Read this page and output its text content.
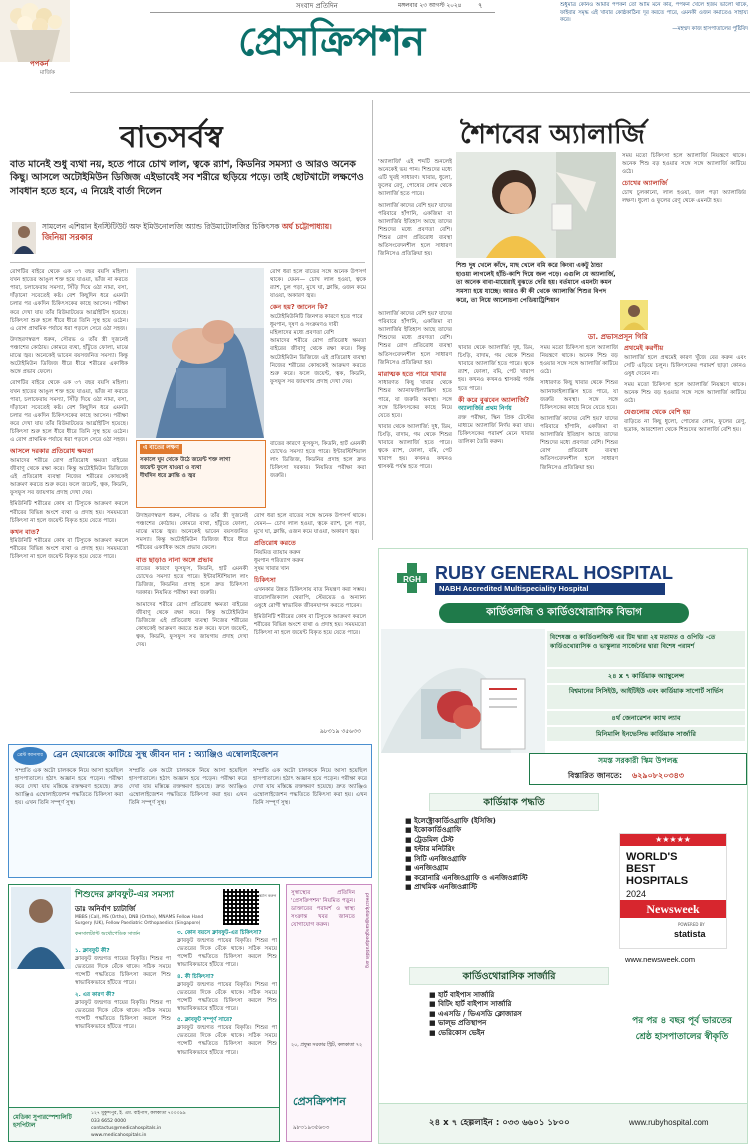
পপকর্ন
মার্জিক
সংবাদ প্রতিদিন	মঙ্গলবার ২৩ আগস্ট ২০২৪ ৭
প্রেসক্রিপশন
শুধুমাত্র কোনও আমার পপকর্ন তো আমি মনে করি, পপকর্ন খেলে হজম ভালো থাকে, ফাইবার সমৃদ্ধ এই খাবার কোষ্ঠকাঠিন্য দূর করতে পারে, এমনকী ওজন কমাতেও সাহায্য করে।
—মহম্মদ কাজ হাসপাতালের পুষ্টিবিদ
বাতসর্বস্ব
বাত মানেই শুধু ব্যথা নয়, হতে পারে চোখ লাল, ত্বকে র‍্যাশ, কিডনির সমস্যা ও আরও অনেক কিছু। আসলে অটোইমিউন ডিজিজ এইভাবেই সব শরীরে ছড়িয়ে পড়ে। তাই ছোটখাটো লক্ষণেও সাবধান হতে হবে, এ নিয়েই বার্তা দিলেন
সামলেন এশিয়ান ইনস্টিটিউট অফ ইমিউনোলজি অ্যান্ড রিউমাটোলজির চিকিৎসক অর্ঘ চট্টোপাধ্যায়।
জিনিয়া সরকার

রোগটির বাইরে থেকে এক ৩৭ বছর বয়সি মহিলা। যখন হাতের আঙুল শক্ত হয়ে যাওয়া, ভাঁজ না করতে পারা, চলাফেরায় সমস্যা, সিঁড়ি দিয়ে ওঠা নামা, বসা, দাঁড়ানো সবেতেই কষ্ট। বেশ কিছুদিন ধরে এমনটা চলার পর একদিন চিকিৎসকের কাছে আসেন। পরীক্ষা করে দেখা যায় তাঁর রিউমাটয়েড আর্থ্রাইটিস হয়েছে। চিকিৎসা শুরু হলে ধীরে ধীরে তিনি সুস্থ হয়ে ওঠেন। এ রোগ প্রাথমিক পর্যায়ে ধরা পড়লে সেরে ওঠা সহজ।

উদাহরণস্বরূপ ধরুন, সৌরভ ও তাঁর স্ত্রী দুজনেই পঞ্চাশের কোঠায়। কোমরে ব্যথা, হাঁটুতে ফোলা, মাঝে মাঝে জ্বর। অনেকেই ভাবেন বয়সজনিত সমস্যা। কিন্তু অটোইমিউন ডিজিজ ধীরে ধীরে শরীরের একাধিক অঙ্গে প্রভাব ফেলে।

রোগটির বাইরে থেকে এক ৩৭ বছর বয়সি মহিলা। যখন হাতের আঙুল শক্ত হয়ে যাওয়া, ভাঁজ না করতে পারা, চলাফেরায় সমস্যা, সিঁড়ি দিয়ে ওঠা নামা, বসা, দাঁড়ানো সবেতেই কষ্ট। বেশ কিছুদিন ধরে এমনটা চলার পর একদিন চিকিৎসকের কাছে আসেন। পরীক্ষা করে দেখা যায় তাঁর রিউমাটয়েড আর্থ্রাইটিস হয়েছে। চিকিৎসা শুরু হলে ধীরে ধীরে তিনি সুস্থ হয়ে ওঠেন। এ রোগ প্রাথমিক পর্যায়ে ধরা পড়লে সেরে ওঠা সহজ।

আসলে দরকার প্রতিরোধ ক্ষমতা

আমাদের শরীরে রোগ প্রতিরোধ ক্ষমতা বাইরের জীবাণু থেকে রক্ষা করে। কিন্তু অটোইমিউন ডিজিজে এই প্রতিরোধ ব্যবস্থা নিজের শরীরের কোষকেই আক্রমণ করতে শুরু করে। ফলে জয়েন্ট, ত্বক, কিডনি, ফুসফুস সব জায়গায় প্রদাহ দেখা দেয়।

ইমিউনিটি শরীরের কোষ বা টিস্যুকে আক্রমণ করলে শরীরের বিভিন্ন অংশে ব্যথা ও প্রদাহ হয়। সময়মতো চিকিৎসা না হলে জয়েন্ট বিকৃত হয়ে যেতে পারে।

কখন বাত?

ইমিউনিটি শরীরের কোষ বা টিস্যুকে আক্রমণ করলে শরীরের বিভিন্ন অংশে ব্যথা ও প্রদাহ হয়। সময়মতো চিকিৎসা না হলে জয়েন্ট বিকৃত হয়ে যেতে পারে।

রোগ ধরা হলে বাতের সঙ্গে অনেক উপসর্গ থাকে। যেমন— চোখ লাল হওয়া, ত্বকে র‍্যাশ, চুল পড়া, মুখে ঘা, ক্লান্তি, ওজন কমে যাওয়া, অকারণ জ্বর।

কেন হয়? জানেন কি?
অটোইমিউনিটি জিনগত কারণে হতে পারে
ধূমপান, দূষণ ও সংক্রমণও দায়ী
মহিলাদের মধ্যে প্রবণতা বেশি

আমাদের শরীরে রোগ প্রতিরোধ ক্ষমতা বাইরের জীবাণু থেকে রক্ষা করে। কিন্তু অটোইমিউন ডিজিজে এই প্রতিরোধ ব্যবস্থা নিজের শরীরের কোষকেই আক্রমণ করতে শুরু করে। ফলে জয়েন্ট, ত্বক, কিডনি, ফুসফুস সব জায়গায় প্রদাহ দেখা দেয়।

এ বাতের লক্ষণ
সকালে ঘুম থেকে উঠে জয়েন্ট শক্ত লাগা
জয়েন্ট ফুলে যাওয়া ও ব্যথা
দীর্ঘদিন ধরে ক্লান্তি ও জ্বর

বাতের কারণে ফুসফুস, কিডনি, হার্ট এমনকী চোখেও সমস্যা হতে পারে। ইন্টারস্টিশিয়াল লাং ডিজিজ, কিডনির প্রদাহ হলে দ্রুত চিকিৎসা দরকার। নিয়মিত পরীক্ষা করা জরুরি।

উদাহরণস্বরূপ ধরুন, সৌরভ ও তাঁর স্ত্রী দুজনেই পঞ্চাশের কোঠায়। কোমরে ব্যথা, হাঁটুতে ফোলা, মাঝে মাঝে জ্বর। অনেকেই ভাবেন বয়সজনিত সমস্যা। কিন্তু অটোইমিউন ডিজিজ ধীরে ধীরে শরীরের একাধিক অঙ্গে প্রভাব ফেলে।

বাত ছাড়াও নানা অঙ্গে প্রভাব

বাতের কারণে ফুসফুস, কিডনি, হার্ট এমনকী চোখেও সমস্যা হতে পারে। ইন্টারস্টিশিয়াল লাং ডিজিজ, কিডনির প্রদাহ হলে দ্রুত চিকিৎসা দরকার। নিয়মিত পরীক্ষা করা জরুরি।

আমাদের শরীরে রোগ প্রতিরোধ ক্ষমতা বাইরের জীবাণু থেকে রক্ষা করে। কিন্তু অটোইমিউন ডিজিজে এই প্রতিরোধ ব্যবস্থা নিজের শরীরের কোষকেই আক্রমণ করতে শুরু করে। ফলে জয়েন্ট, ত্বক, কিডনি, ফুসফুস সব জায়গায় প্রদাহ দেখা দেয়।

রোগ ধরা হলে বাতের সঙ্গে অনেক উপসর্গ থাকে। যেমন— চোখ লাল হওয়া, ত্বকে র‍্যাশ, চুল পড়া, মুখে ঘা, ক্লান্তি, ওজন কমে যাওয়া, অকারণ জ্বর।

প্রতিরোধ করতে
নিয়মিত ব্যায়াম করুন
ধূমপান পরিত্যাগ করুন
সুষম খাবার খান
চিকিৎসা

এখনকার উন্নত চিকিৎসায় বাত নিয়ন্ত্রণ করা সম্ভব। বায়োলজিক্যাল থেরাপি, স্টেরয়েড ও অন্যান্য ওষুধে রোগী স্বাভাবিক জীবনযাপন করতে পারেন।

ইমিউনিটি শরীরের কোষ বা টিস্যুকে আক্রমণ করলে শরীরের বিভিন্ন অংশে ব্যথা ও প্রদাহ হয়। সময়মতো চিকিৎসা না হলে জয়েন্ট বিকৃত হয়ে যেতে পারে।

৯৮৩১৯ ৩৫৬৩৩
শৈশবের অ্যালার্জি

'অ্যালার্জি' এই শব্দটি শুনলেই অনেকেই ভয় পান। শিশুদের মধ্যে এটি খুবই সাধারণ। খাবার, ধুলো, ফুলের রেণু, পোষ্যের লোম থেকে অ্যালার্জি হতে পারে।

অ্যালার্জি কাদের বেশি হয়? যাদের পরিবারে হাঁপানি, একজিমা বা অ্যালার্জির ইতিহাস আছে তাদের শিশুদের মধ্যে প্রবণতা বেশি। শিশুর রোগ প্রতিরোধ ব্যবস্থা অতিসংবেদনশীল হলে সাধারণ জিনিসেও প্রতিক্রিয়া হয়।

সময় মতো চিকিৎসা হলে অ্যালার্জি নিয়ন্ত্রণে থাকে। অনেক শিশু বড় হওয়ার সঙ্গে সঙ্গে অ্যালার্জি কাটিয়ে ওঠে।

চোখের অ্যালার্জি

চোখ চুলকানো, লাল হওয়া, জল পড়া অ্যালার্জির লক্ষণ। ধুলো ও ফুলের রেণু থেকে এমনটা হয়।

শিশু দুধ খেলে কাঁদে, মাছ খেলে বমি করে কিংবা একটু ঠান্ডা হাওয়া লাগলেই হাঁচি-কাশি দিয়ে জল পড়ে। এগুলি যে অ্যালার্জি, তা অনেক বাবা-মায়েরাই বুঝতে দেরি হয়। বর্তমানে এমনটা কমন সমস্যা হয়ে যাচ্ছে। আরও কী কী থেকে অ্যালার্জি শিশুর বিপদ করে, তা নিয়ে আলোচনা পেডিয়াট্রিশিয়ান
ডা. প্রভাসপ্রসূন গিরি

অ্যালার্জি কাদের বেশি হয়? যাদের পরিবারে হাঁপানি, একজিমা বা অ্যালার্জির ইতিহাস আছে তাদের শিশুদের মধ্যে প্রবণতা বেশি। শিশুর রোগ প্রতিরোধ ব্যবস্থা অতিসংবেদনশীল হলে সাধারণ জিনিসেও প্রতিক্রিয়া হয়।

মারাত্মক হতে পারে খাবার

সাধারণত কিছু খাবার থেকে শিশুর অ্যানাফাইল্যাক্সিস হতে পারে, যা জরুরি অবস্থা। সঙ্গে সঙ্গে চিকিৎসকের কাছে নিয়ে যেতে হবে।

খাবার থেকে অ্যালার্জি: দুধ, ডিম, চিংড়ি, বাদাম, গম থেকে শিশুর খাবারে অ্যালার্জি হতে পারে। ত্বকে র‍্যাশ, ফোলা, বমি, পেট খারাপ হয়। কখনও কখনও শ্বাসকষ্ট পর্যন্ত হতে পারে।

খাবার থেকে অ্যালার্জি: দুধ, ডিম, চিংড়ি, বাদাম, গম থেকে শিশুর খাবারে অ্যালার্জি হতে পারে। ত্বকে র‍্যাশ, ফোলা, বমি, পেট খারাপ হয়। কখনও কখনও শ্বাসকষ্ট পর্যন্ত হতে পারে।

কী করে বুঝবেন অ্যালার্জি?
অ্যালার্জির প্রথম নির্ণয়

রক্ত পরীক্ষা, স্কিন প্রিক টেস্টের মাধ্যমে অ্যালার্জি নির্ণয় করা যায়। চিকিৎসকের পরামর্শ মেনে খাবার তালিকা তৈরি করুন।

সময় মতো চিকিৎসা হলে অ্যালার্জি নিয়ন্ত্রণে থাকে। অনেক শিশু বড় হওয়ার সঙ্গে সঙ্গে অ্যালার্জি কাটিয়ে ওঠে।

সাধারণত কিছু খাবার থেকে শিশুর অ্যানাফাইল্যাক্সিস হতে পারে, যা জরুরি অবস্থা। সঙ্গে সঙ্গে চিকিৎসকের কাছে নিয়ে যেতে হবে।

অ্যালার্জি কাদের বেশি হয়? যাদের পরিবারে হাঁপানি, একজিমা বা অ্যালার্জির ইতিহাস আছে তাদের শিশুদের মধ্যে প্রবণতা বেশি। শিশুর রোগ প্রতিরোধ ব্যবস্থা অতিসংবেদনশীল হলে সাধারণ জিনিসেও প্রতিক্রিয়া হয়।

প্রথমেই করণীয়

অ্যালার্জি হলে প্রথমেই কারণ খুঁজে বের করুন এবং সেটি এড়িয়ে চলুন। চিকিৎসকের পরামর্শ ছাড়া কোনও ওষুধ দেবেন না।

সময় মতো চিকিৎসা হলে অ্যালার্জি নিয়ন্ত্রণে থাকে। অনেক শিশু বড় হওয়ার সঙ্গে সঙ্গে অ্যালার্জি কাটিয়ে ওঠে।

যেগুলোয় থেকে বেশি হয়

বাড়িতে না কিছু ধুলো, পোষ্যের লোম, ফুলের রেণু, ছত্রাক, আরশোলা থেকে শিশুদের অ্যালার্জি বেশি হয়।

ব্রেস্ট ক্যানসার	ব্রেন হেমারেজে কাটিয়ে সুস্থ জীবন দান : অ্যাঞ্জিও এম্বোলাইজেশন
সম্প্রতি এক অটো চালককে নিয়ে আসা হয়েছিল হাসপাতালে। হঠাৎ অজ্ঞান হয়ে পড়েন। পরীক্ষা করে দেখা যায় মস্তিষ্কে রক্তক্ষরণ হয়েছে। দ্রুত অ্যাঞ্জিও এম্বোলাইজেশন পদ্ধতিতে চিকিৎসা করা হয়। এখন তিনি সম্পূর্ণ সুস্থ।
সম্প্রতি এক অটো চালককে নিয়ে আসা হয়েছিল হাসপাতালে। হঠাৎ অজ্ঞান হয়ে পড়েন। পরীক্ষা করে দেখা যায় মস্তিষ্কে রক্তক্ষরণ হয়েছে। দ্রুত অ্যাঞ্জিও এম্বোলাইজেশন পদ্ধতিতে চিকিৎসা করা হয়। এখন তিনি সম্পূর্ণ সুস্থ।
সম্প্রতি এক অটো চালককে নিয়ে আসা হয়েছিল হাসপাতালে। হঠাৎ অজ্ঞান হয়ে পড়েন। পরীক্ষা করে দেখা যায় মস্তিষ্কে রক্তক্ষরণ হয়েছে। দ্রুত অ্যাঞ্জিও এম্বোলাইজেশন পদ্ধতিতে চিকিৎসা করা হয়। এখন তিনি সম্পূর্ণ সুস্থ।
শিশুদের ক্লাবফুট-এর সমস্যা
ডাঃ অনির্বাণ চ্যাটার্জি
MBBS (Cal), MS (Ortho), DNB (Ortho), MNAMS Fellow Hand Surgery (UK), Fellow Paediatric Orthopaedics (Singapore)
কনসালট্যান্ট অর্থোপেডিক সার্জন
স্ক্যান করুন
১. ক্লাবফুট কী?

ক্লাবফুট জন্মগত পায়ের বিকৃতি। শিশুর পা ভেতরের দিকে বেঁকে থাকে। সঠিক সময়ে পন্সেটি পদ্ধতিতে চিকিৎসা করলে শিশু স্বাভাবিকভাবে হাঁটতে পারে।

২. এর কারণ কী?

ক্লাবফুট জন্মগত পায়ের বিকৃতি। শিশুর পা ভেতরের দিকে বেঁকে থাকে। সঠিক সময়ে পন্সেটি পদ্ধতিতে চিকিৎসা করলে শিশু স্বাভাবিকভাবে হাঁটতে পারে।

৩. কোন বয়সে ক্লাবফুট-এর চিকিৎসা?

ক্লাবফুট জন্মগত পায়ের বিকৃতি। শিশুর পা ভেতরের দিকে বেঁকে থাকে। সঠিক সময়ে পন্সেটি পদ্ধতিতে চিকিৎসা করলে শিশু স্বাভাবিকভাবে হাঁটতে পারে।

৪. কী চিকিৎসা?

ক্লাবফুট জন্মগত পায়ের বিকৃতি। শিশুর পা ভেতরের দিকে বেঁকে থাকে। সঠিক সময়ে পন্সেটি পদ্ধতিতে চিকিৎসা করলে শিশু স্বাভাবিকভাবে হাঁটতে পারে।

৫. ক্লাবফুট সম্পূর্ণ সারে?

ক্লাবফুট জন্মগত পায়ের বিকৃতি। শিশুর পা ভেতরের দিকে বেঁকে থাকে। সঠিক সময়ে পন্সেটি পদ্ধতিতে চিকিৎসা করলে শিশু স্বাভাবিকভাবে হাঁটতে পারে।

মেডিকা সুপারস্পেশালিটি হসপিটাল
১২৭ মুকুন্দপুর, ই. এম. বাইপাস, কলকাতা ৭০০০৯৯
033 6652 0000
contactus@medicahospitals.in
www.medicahospitals.in
সুস্বাস্থ্যের প্রতিদিন 'প্রেসক্রিপশন' নিয়মিত পড়ুন। ডাক্তারের পরামর্শ ও স্বাস্থ্য সংক্রান্ত খবর জানতে যোগাযোগ করুন।	prescription@sangbadpratidin.org
২০, প্রফুল্ল সরকার স্ট্রিট, কলকাতা ৭২
প্রেসক্রিপশন
৯৮৩১৯৩৫৬৩৩
RGH RUBY GENERAL HOSPITAL
NABH Accredited Multispeciality Hospital
কার্ডিওলজি ও কার্ডিওথোরাসিক বিভাগ
বিশেষজ্ঞ ও কার্ডিওলজিস্ট এর টিম দ্বারা ২য় মতামত ও ওপিডি -তে কার্ডিওথোরাসিক ও ভাস্কুলার সার্জেনের দ্বারা বিশেষ পরামর্শ
২৪ x ৭ কার্ডিয়াক অ্যাম্বুলেন্স
বিশ্বমানের সিসিইউ, আইটিইউ এবং কার্ডিয়াক সাপোর্ট সার্ভিস
৪র্থ জেনারেশন ক্যাথ ল্যাব
মিনিমালি ইনভেসিভ কার্ডিয়াক সার্জারি
সমস্ত সরকারী স্কিম উপলব্ধ
বিস্তারিত জানতে: ৬২৯০৮২০৩৪৩
কার্ডিয়াক পদ্ধতি
■ ইলেক্ট্রোকার্ডিওগ্রাফি (ইসিজি)
■ ইকোকার্ডিওগ্রাফি
■ ট্রেডমিল টেস্ট
■ হল্টার মনিটরিং
■ সিটি এনজিওগ্রাফি
■ এনজিওগ্রাম
■ করোনারি এনজিওগ্রাফি ও এনজিওপ্লাস্টি
■ প্রাথমিক এনজিওপ্লাস্টি
★★★★★
WORLD'S
BEST
HOSPITALS
2024
Newsweek
POWERED BY
statista
www.newsweek.com
কার্ডিওথোরাসিক সার্জারি
■ হার্ট বাইপাস সার্জারি
■ বিটিং হার্ট বাইপাস সার্জারি
■ এএসডি / ভিএসডি ক্লোজারস
■ ভাল্ভ প্রতিস্থাপন
■ ভেরিকোস ভেইন
পর পর ৪ বছর পূর্ব ভারতের
শ্রেষ্ঠ হাসপাতালের স্বীকৃতি
২৪ x ৭ হেল্পলাইন : ০৩৩ ৬৬০১ ১৮০০	www.rubyhospital.com
